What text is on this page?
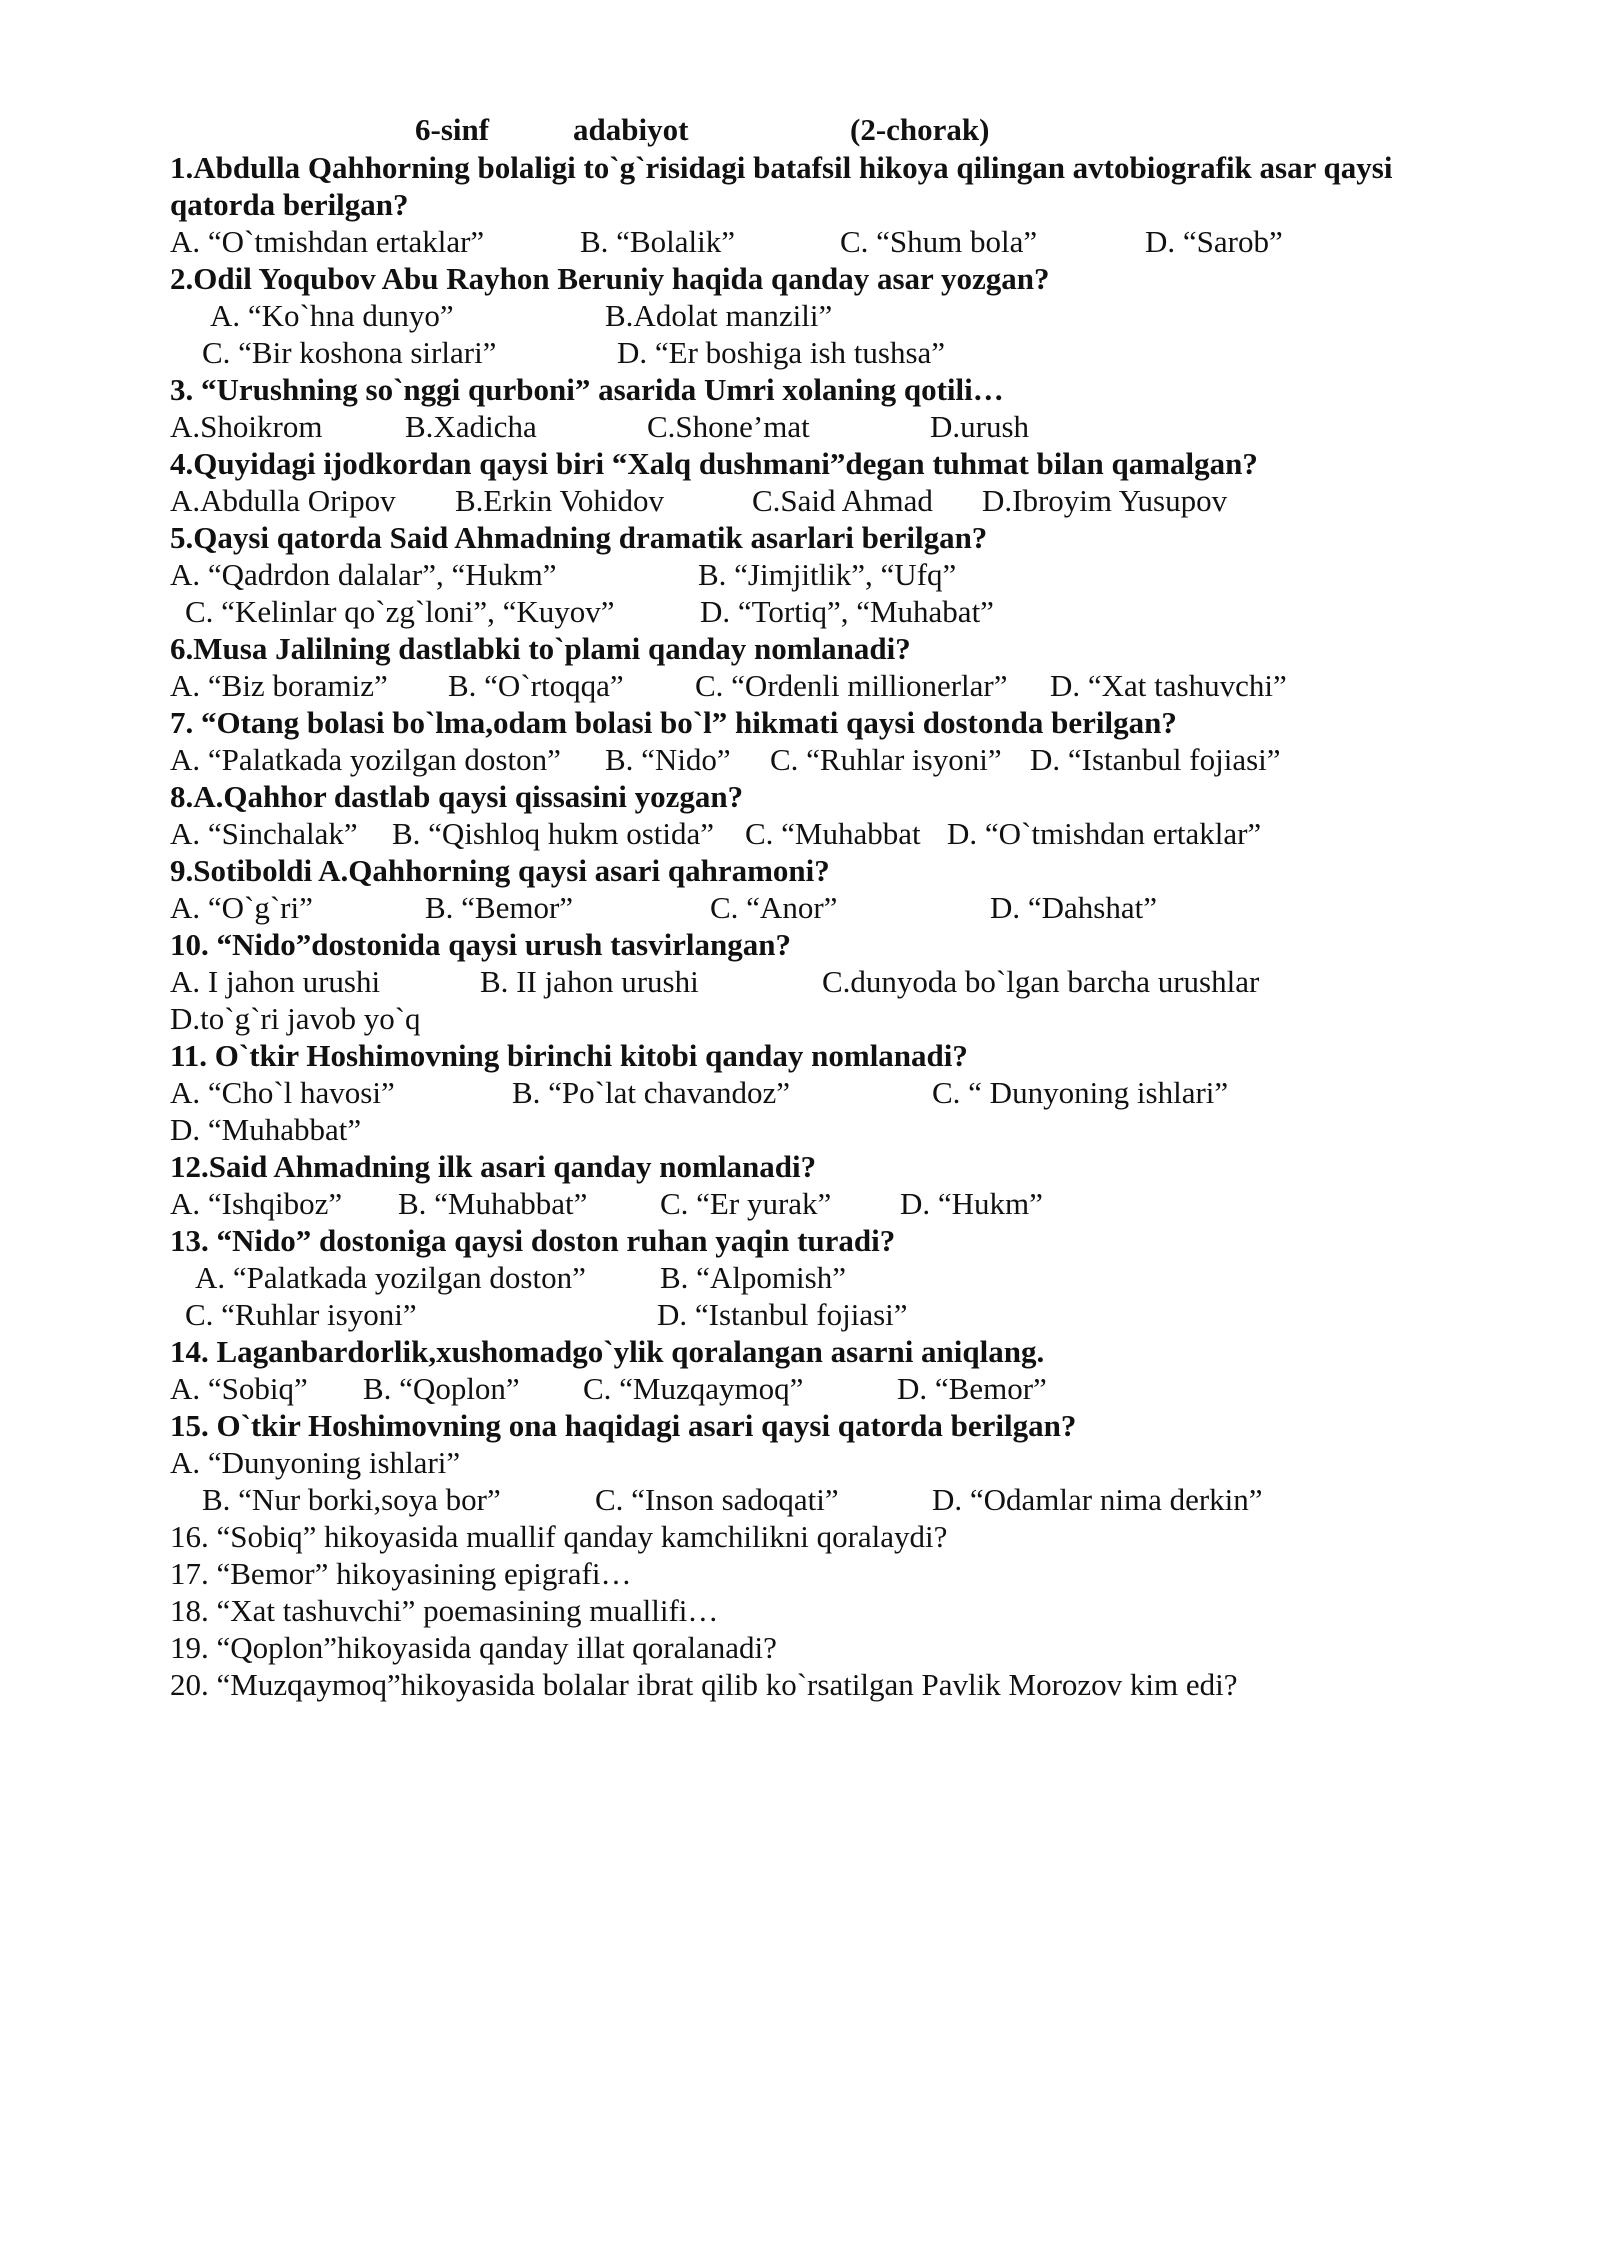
6-sinf	adabiyot	(2-chorak)
1.Abdulla Qahhorning bolaligi to`g`risidagi batafsil hikoya qilingan avtobiografik asar qaysi qatorda berilgan?
A. “O`tmishdan ertaklar”	B. “Bolalik”	C. “Shum bola”	D. “Sarob”
2.Odil Yoqubov Abu Rayhon Beruniy haqida qanday asar yozgan?
A. “Ko`hna dunyo”	B.Adolat manzili”
C. “Bir koshona sirlari”	D. “Er boshiga ish tushsa”
3. “Urushning so`nggi qurboni” asarida Umri xolaning qotili…
A.Shoikrom	B.Xadicha	C.Shone’mat	D.urush
4.Quyidagi ijodkordan qaysi biri “Xalq dushmani”degan tuhmat bilan qamalgan?
A.Abdulla Oripov B.Erkin Vohidov	C.Said Ahmad D.Ibroyim Yusupov
5.Qaysi qatorda Said Ahmadning dramatik asarlari berilgan?
A. “Qadrdon dalalar”, “Hukm”	B. “Jimjitlik”, “Ufq”
C. “Kelinlar qo`zg`loni”, “Kuyov”	D. “Tortiq”, “Muhabat”
6.Musa Jalilning dastlabki to`plami qanday nomlanadi?
A. “Biz boramiz” B. “O`rtoqqa” C. “Ordenli millionerlar” D. “Xat tashuvchi”
7. “Otang bolasi bo`lma,odam bolasi bo`l” hikmati qaysi dostonda berilgan?
A. “Palatkada yozilgan doston” B. “Nido” C. “Ruhlar isyoni” D. “Istanbul fojiasi”
8.A.Qahhor dastlab qaysi qissasini yozgan?
A. “Sinchalak” B. “Qishloq hukm ostida” C. “Muhabbat D. “O`tmishdan ertaklar”
9.Sotiboldi A.Qahhorning qaysi asari qahramoni?
A. “O`g`ri”	B. “Bemor”	C. “Anor”	D. “Dahshat”
10. “Nido”dostonida qaysi urush tasvirlangan?
A. I jahon urushi	B. II jahon urushi	C.dunyoda bo`lgan barcha urushlar
D.to`g`ri javob yo`q
11. O`tkir Hoshimovning birinchi kitobi qanday nomlanadi?
A. “Cho`l havosi”	B. “Po`lat chavandoz”	C. “ Dunyoning ishlari”
D. “Muhabbat”
12.Said Ahmadning ilk asari qanday nomlanadi?
A. “Ishqiboz” B. “Muhabbat” C. “Er yurak” D. “Hukm”
13. “Nido” dostoniga qaysi doston ruhan yaqin turadi?
A. “Palatkada yozilgan doston” B. “Alpomish”
C. “Ruhlar isyoni”	D. “Istanbul fojiasi”
14. Laganbardorlik,xushomadgo`ylik qoralangan asarni aniqlang.
A. “Sobiq” B. “Qoplon” C. “Muzqaymoq”	D. “Bemor”
15. O`tkir Hoshimovning ona haqidagi asari qaysi qatorda berilgan?
A. “Dunyoning ishlari”
B. “Nur borki,soya bor”	C. “Inson sadoqati”	D. “Odamlar nima derkin”
16. “Sobiq” hikoyasida muallif qanday kamchilikni qoralaydi?
17. “Bemor” hikoyasining epigrafi…
18. “Xat tashuvchi” poemasining muallifi…
19. “Qoplon”hikoyasida qanday illat qoralanadi?
20. “Muzqaymoq”hikoyasida bolalar ibrat qilib ko`rsatilgan Pavlik Morozov kim edi?
